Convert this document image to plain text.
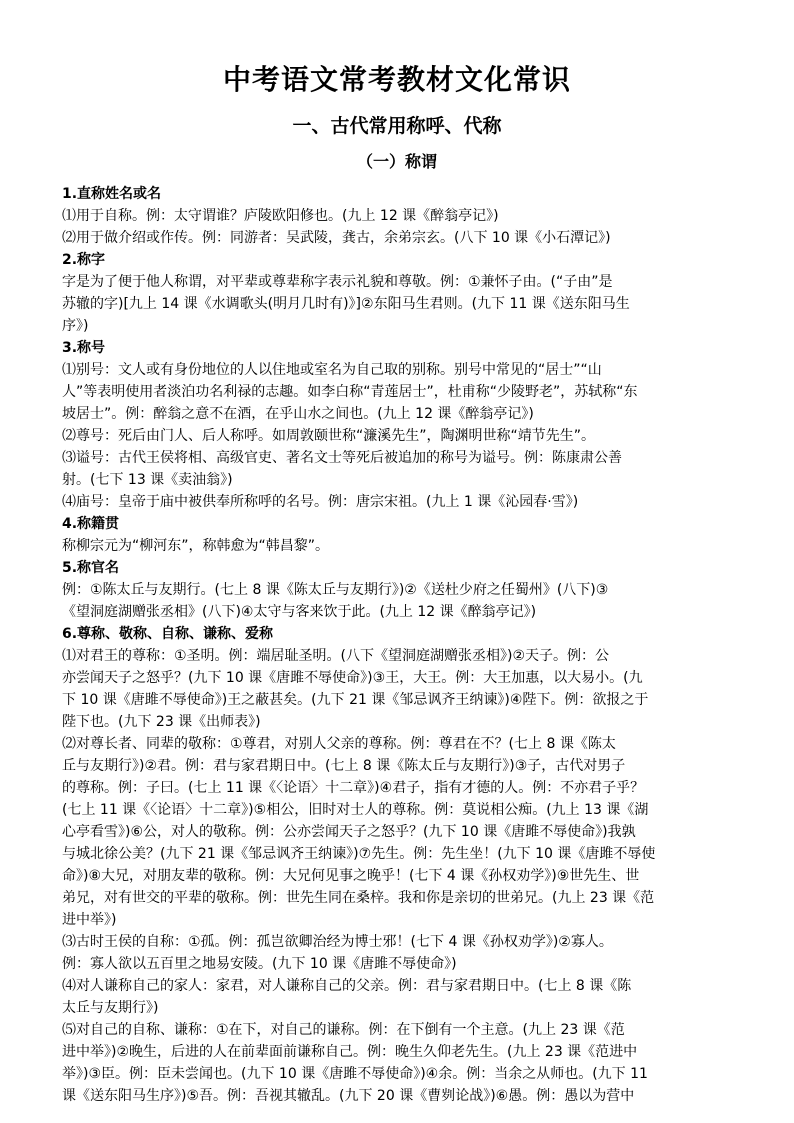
中考语文常考教材文化常识
一、古代常用称呼、代称
（一）称谓
1.直称姓名或名
⑴用于自称。例：太守谓谁？庐陵欧阳修也。(九上 12 课《醉翁亭记》)
⑵用于做介绍或作传。例：同游者：吴武陵，龚古，余弟宗玄。(八下 10 课《小石潭记》)
2.称字
字是为了便于他人称谓，对平辈或尊辈称字表示礼貌和尊敬。例：①兼怀子由。(“子由”是
苏辙的字)[九上 14 课《水调歌头(明月几时有)》]②东阳马生君则。(九下 11 课《送东阳马生
序》)
3.称号
⑴别号：文人或有身份地位的人以住地或室名为自己取的别称。别号中常见的“居士”“山
人”等表明使用者淡泊功名利禄的志趣。如李白称“青莲居士”，杜甫称“少陵野老”，苏轼称“东
坡居士”。例：醉翁之意不在酒，在乎山水之间也。(九上 12 课《醉翁亭记》)
⑵尊号：死后由门人、后人称呼。如周敦颐世称“濂溪先生”，陶渊明世称“靖节先生”。
⑶谥号：古代王侯将相、高级官吏、著名文士等死后被追加的称号为谥号。例：陈康肃公善
射。(七下 13 课《卖油翁》)
⑷庙号：皇帝于庙中被供奉所称呼的名号。例：唐宗宋祖。(九上 1 课《沁园春·雪》)
4.称籍贯
称柳宗元为“柳河东”，称韩愈为“韩昌黎”。
5.称官名
例：①陈太丘与友期行。(七上 8 课《陈太丘与友期行》)②《送杜少府之任蜀州》(八下)③
《望洞庭湖赠张丞相》(八下)④太守与客来饮于此。(九上 12 课《醉翁亭记》)
6.尊称、敬称、自称、谦称、爱称
⑴对君王的尊称：①圣明。例：端居耻圣明。(八下《望洞庭湖赠张丞相》)②天子。例：公
亦尝闻天子之怒乎？(九下 10 课《唐雎不辱使命》)③王，大王。例：大王加惠，以大易小。(九
下 10 课《唐雎不辱使命》)王之蔽甚矣。(九下 21 课《邹忌讽齐王纳谏》)④陛下。例：欲报之于
陛下也。(九下 23 课《出师表》)
⑵对尊长者、同辈的敬称：①尊君，对别人父亲的尊称。例：尊君在不？(七上 8 课《陈太
丘与友期行》)②君。例：君与家君期日中。(七上 8 课《陈太丘与友期行》)③子，古代对男子
的尊称。例：子曰。(七上 11 课《〈论语〉十二章》)④君子，指有才德的人。例：不亦君子乎？
(七上 11 课《〈论语〉十二章》)⑤相公，旧时对士人的尊称。例：莫说相公痴。(九上 13 课《湖
心亭看雪》)⑥公，对人的敬称。例：公亦尝闻天子之怒乎？(九下 10 课《唐雎不辱使命》)我孰
与城北徐公美？(九下 21 课《邹忌讽齐王纳谏》)⑦先生。例：先生坐！(九下 10 课《唐雎不辱使
命》)⑧大兄，对朋友辈的敬称。例：大兄何见事之晚乎！(七下 4 课《孙权劝学》)⑨世先生、世
弟兄，对有世交的平辈的敬称。例：世先生同在桑梓。我和你是亲切的世弟兄。(九上 23 课《范
进中举》)
⑶古时王侯的自称：①孤。例：孤岂欲卿治经为博士邪！(七下 4 课《孙权劝学》)②寡人。
例：寡人欲以五百里之地易安陵。(九下 10 课《唐雎不辱使命》)
⑷对人谦称自己的家人：家君，对人谦称自己的父亲。例：君与家君期日中。(七上 8 课《陈
太丘与友期行》)
⑸对自己的自称、谦称：①在下，对自己的谦称。例：在下倒有一个主意。(九上 23 课《范
进中举》)②晚生，后进的人在前辈面前谦称自己。例：晚生久仰老先生。(九上 23 课《范进中
举》)③臣。例：臣未尝闻也。(九下 10 课《唐雎不辱使命》)④余。例：当余之从师也。(九下 11
课《送东阳马生序》)⑤吾。例：吾视其辙乱。(九下 20 课《曹刿论战》)⑥愚。例：愚以为营中
